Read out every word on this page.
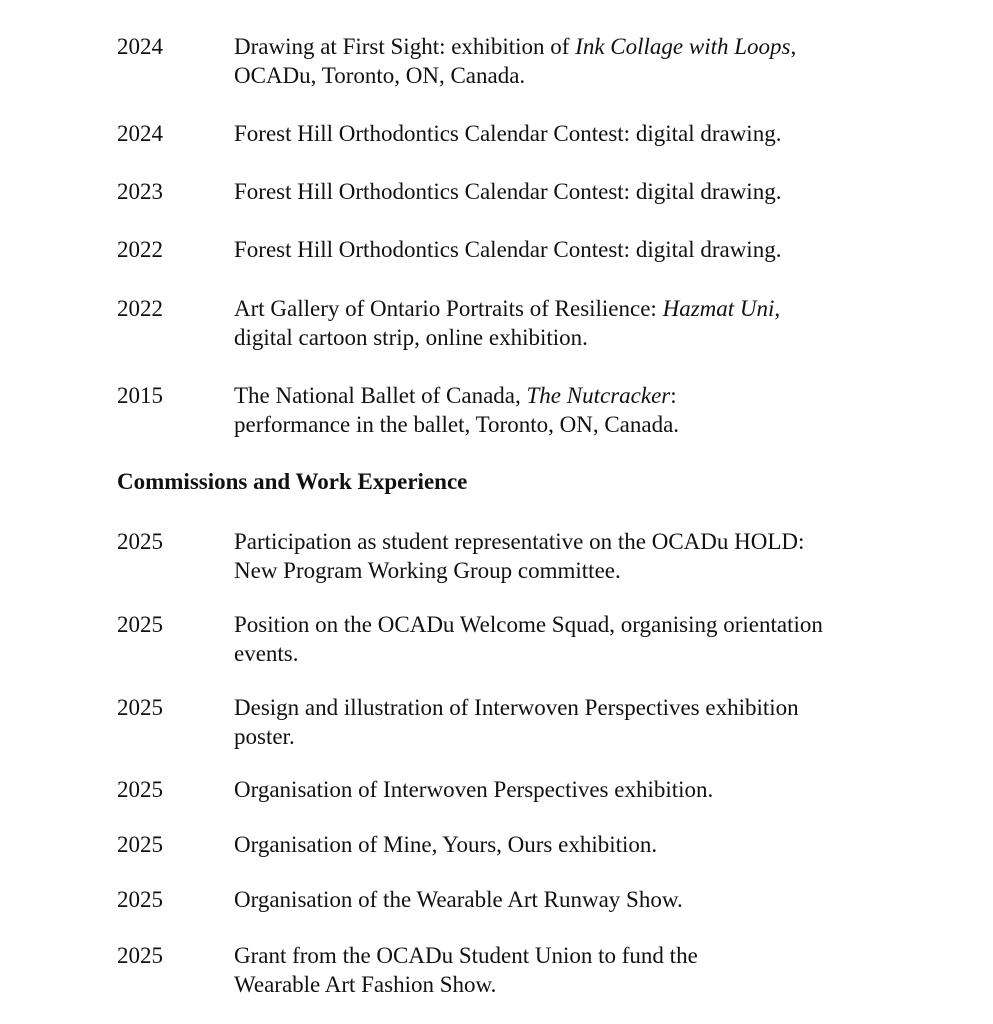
2024	Drawing at First Sight: exhibition of Ink Collage with Loops,
OCADu, Toronto, ON, Canada.
2024	Forest Hill Orthodontics Calendar Contest: digital drawing.
2023	Forest Hill Orthodontics Calendar Contest: digital drawing.
2022	Forest Hill Orthodontics Calendar Contest: digital drawing.
2022	Art Gallery of Ontario Portraits of Resilience: Hazmat Uni,
digital cartoon strip, online exhibition.
2015	The National Ballet of Canada, The Nutcracker:
performance in the ballet, Toronto, ON, Canada.
Commissions and Work Experience
2025	Participation as student representative on the OCADu HOLD:
New Program Working Group committee.
2025	Position on the OCADu Welcome Squad, organising orientation
events.
2025	Design and illustration of Interwoven Perspectives exhibition
poster.
2025	Organisation of Interwoven Perspectives exhibition.
2025	Organisation of Mine, Yours, Ours exhibition.
2025	Organisation of the Wearable Art Runway Show.
2025	Grant from the OCADu Student Union to fund the
Wearable Art Fashion Show.
